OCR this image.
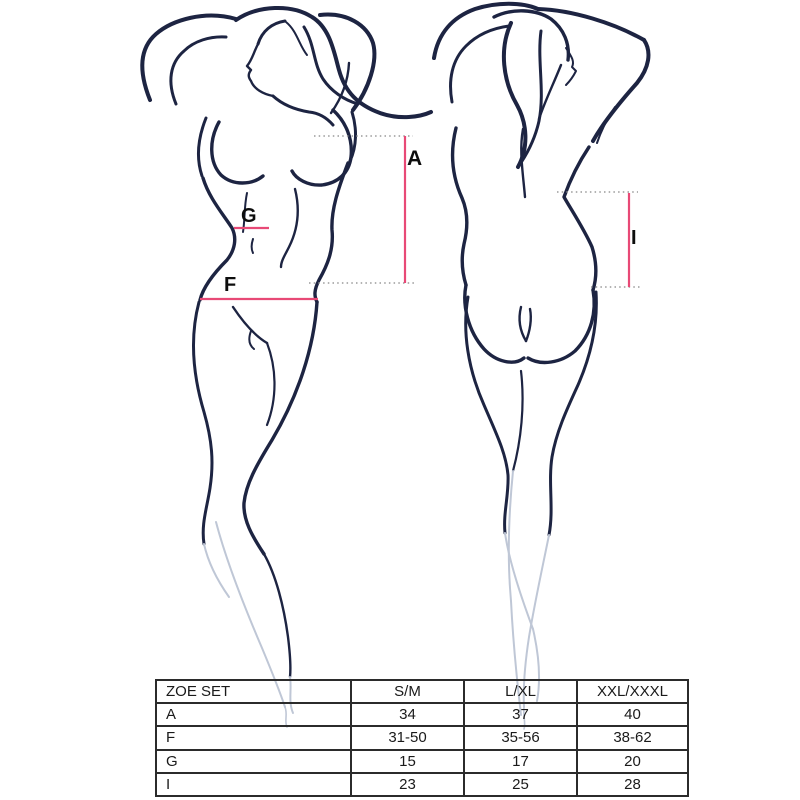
A
G
F
I
ZOE SET	S/M	L/XL	XXL/XXXL
A	34	37	40
F	31-50	35-56	38-62
G	15	17	20
I	23	25	28
